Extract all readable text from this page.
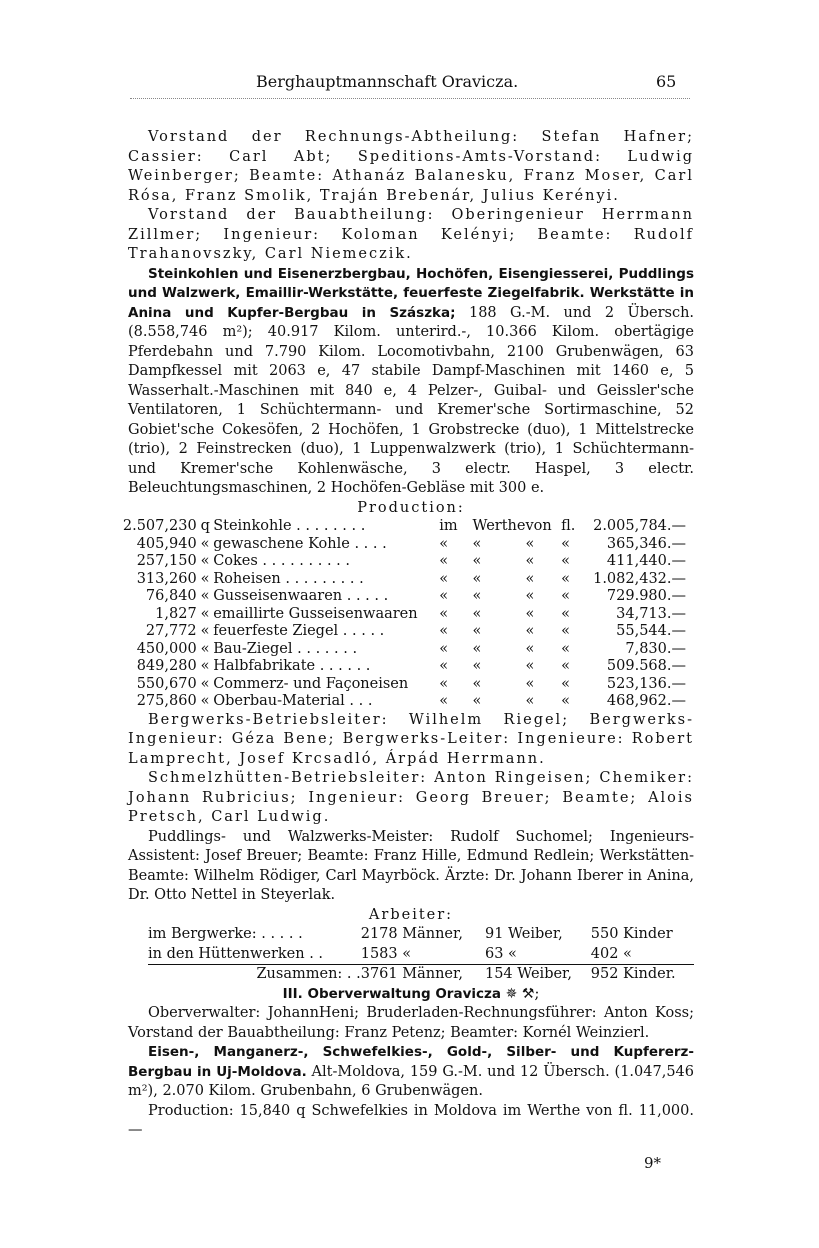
Berghauptmannschaft Oravicza.	65

Vorstand der Rechnungs-Abtheilung: Stefan Hafner; Cassier: Carl Abt; Speditions-Amts-Vorstand: Ludwig Weinberger; Beamte: Athanáz Balanesku, Franz Moser, Carl Rósa, Franz Smolik, Traján Brebenár, Julius Kerényi.

Vorstand der Bauabtheilung: Oberingenieur Herrmann Zillmer; Ingenieur: Koloman Kelényi; Beamte: Rudolf Trahanovszky, Carl Niemeczik.

Steinkohlen und Eisenerzbergbau, Hochöfen, Eisengiesserei, Puddlings und Walzwerk, Emaillir-Werkstätte, feuerfeste Ziegelfabrik. Werkstätte in Anina und Kupfer-Bergbau in Szászka; 188 G.-M. und 2 Übersch. (8.558,746 m²); 40.917 Kilom. unterird.-, 10.366 Kilom. obertägige Pferdebahn und 7.790 Kilom. Locomotivbahn, 2100 Grubenwägen, 63 Dampfkessel mit 2063 e, 47 stabile Dampf-Maschinen mit 1460 e, 5 Wasserhalt.-Maschinen mit 840 e, 4 Pelzer-, Guibal- und Geissler'sche Ventilatoren, 1 Schüchtermann- und Kremer'sche Sortirmaschine, 52 Gobiet'sche Cokesöfen, 2 Hochöfen, 1 Grobstrecke (duo), 1 Mittelstrecke (trio), 2 Feinstrecken (duo), 1 Luppenwalzwerk (trio), 1 Schüchtermann- und Kremer'sche Kohlenwäsche, 3 electr. Haspel, 3 electr. Beleuchtungsmaschinen, 2 Hochöfen-Gebläse mit 300 e.

Production:

2.507,230	q	Steinkohle . . . . . . . .	im	Werthe	von	fl.	2.005,784.—
405,940	«	gewaschene Kohle . . . .	«	«	«	«	365,346.—
257,150	«	Cokes . . . . . . . . . .	«	«	«	«	411,440.—
313,260	«	Roheisen . . . . . . . . .	«	«	«	«	1.082,432.—
76,840	«	Gusseisenwaaren . . . . .	«	«	«	«	729.980.—
1,827	«	emaillirte Gusseisenwaaren	«	«	«	«	34,713.—
27,772	«	feuerfeste Ziegel . . . . .	«	«	«	«	55,544.—
450,000	«	Bau-Ziegel . . . . . . .	«	«	«	«	7,830.—
849,280	«	Halbfabrikate . . . . . .	«	«	«	«	509.568.—
550,670	«	Commerz- und Façoneisen	«	«	«	«	523,136.—
275,860	«	Oberbau-Material . . .	«	«	«	«	468,962.—

Bergwerks-Betriebsleiter: Wilhelm Riegel; Bergwerks-Ingenieur: Géza Bene; Bergwerks-Leiter: Ingenieure: Robert Lamprecht, Josef Krcsadló, Árpád Herrmann.

Schmelzhütten-Betriebsleiter: Anton Ringeisen; Chemiker: Johann Rubricius; Ingenieur: Georg Breuer; Beamte; Alois Pretsch, Carl Ludwig.

Puddlings- und Walzwerks-Meister: Rudolf Suchomel; Ingenieurs-Assistent: Josef Breuer; Beamte: Franz Hille, Edmund Redlein; Werkstätten-Beamte: Wilhelm Rödiger, Carl Mayrböck. Ärzte: Dr. Johann Iberer in Anina, Dr. Otto Nettel in Steyerlak.

Arbeiter:

im Bergwerke: . . . . .	2178 Männer,	91 Weiber,	550 Kinder
in den Hüttenwerken . .	1583 «	63 «	402 «
Zusammen: . .	3761 Männer,	154 Weiber,	952 Kinder.

III. Oberverwaltung Oravicza ✵ ⚒;

Oberverwalter: JohannHeni; Bruderladen-Rechnungsführer: Anton Koss; Vorstand der Bauabtheilung: Franz Petenz; Beamter: Kornél Weinzierl.

Eisen-, Manganerz-, Schwefelkies-, Gold-, Silber- und Kupfererz-Bergbau in Uj-Moldova. Alt-Moldova, 159 G.-M. und 12 Übersch. (1.047,546 m²), 2.070 Kilom. Grubenbahn, 6 Grubenwägen.

Production: 15,840 q Schwefelkies in Moldova im Werthe von fl. 11,000.—

9*
